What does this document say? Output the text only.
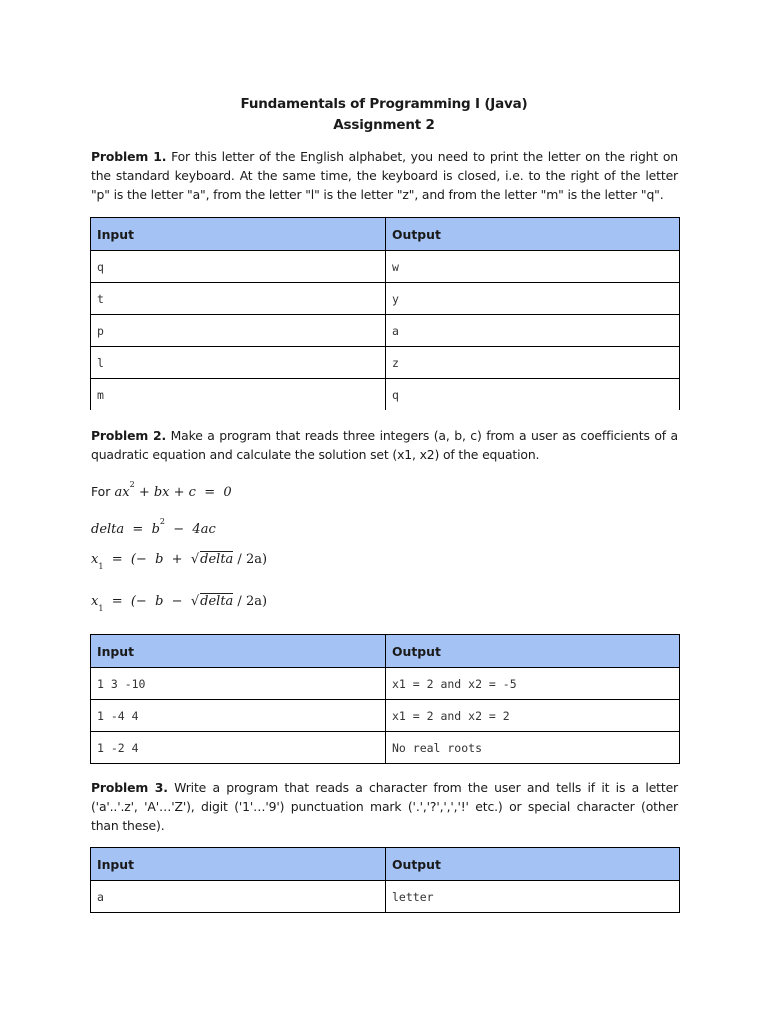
Fundamentals of Programming I (Java)
Assignment 2
Problem 1. For this letter of the English alphabet, you need to print the letter on the right on the standard keyboard. At the same time, the keyboard is closed, i.e. to the right of the letter "p" is the letter "a", from the letter "l" is the letter "z", and from the letter "m" is the letter "q".
Input	Output
q	w
t	y
p	a
l	z
m	q
Problem 2. Make a program that reads three integers (a, b, c) from a user as coefficients of a quadratic equation and calculate the solution set (x1, x2) of the equation.
For $ax^2$ + bx + c  =  0
delta  =  $b^2 - 4ac$
$x_1$  =  (−  b  +  √delta / 2a)
$x_1$  =  (−  b  −  √delta / 2a)
Input	Output
1 3 -10	x1 = 2 and x2 = -5
1 -4 4	x1 = 2 and x2 = 2
1 -2 4	No real roots
Problem 3. Write a program that reads a character from the user and tells if it is a letter ('a'..'.z', 'A'…'Z'), digit ('1'…'9') punctuation mark ('.','?',',','!' etc.) or special character (other than these).
Input	Output
a	letter
